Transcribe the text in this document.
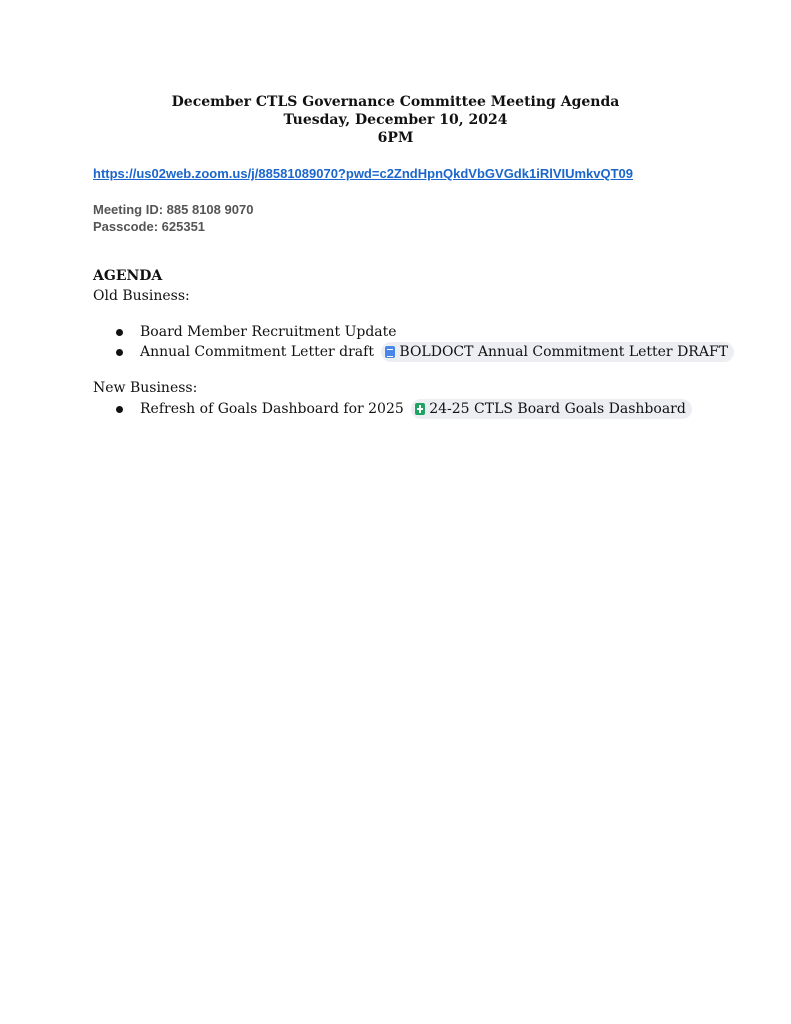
December CTLS Governance Committee Meeting Agenda
Tuesday, December 10, 2024
6PM
https://us02web.zoom.us/j/88581089070?pwd=c2ZndHpnQkdVbGVGdk1iRlVIUmkvQT09
Meeting ID: 885 8108 9070
Passcode: 625351
AGENDA
Old Business:
Board Member Recruitment Update
Annual Commitment Letter draft BOLDOCT Annual Commitment Letter DRAFT
New Business:
Refresh of Goals Dashboard for 2025 24-25 CTLS Board Goals Dashboard
